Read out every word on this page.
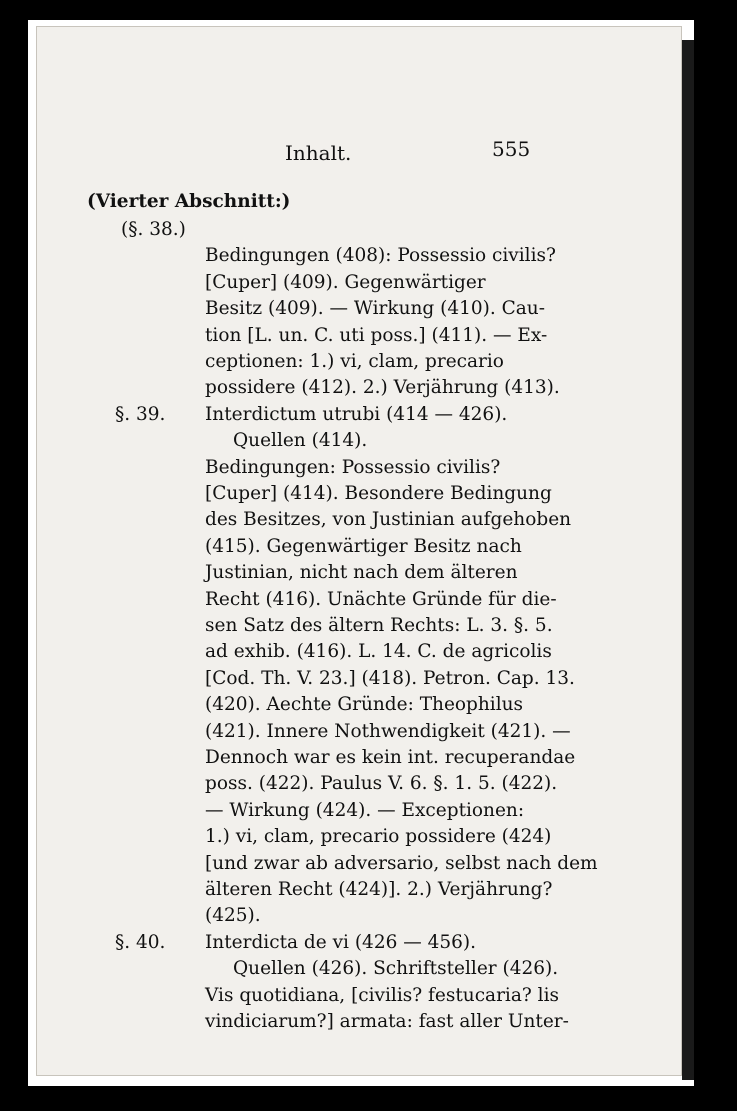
Inhalt.	555
(Vierter Abschnitt:)
(§. 38.)
Bedingungen (408): Possessio civilis?
[Cuper] (409). Gegenwärtiger
Besitz (409). — Wirkung (410). Cau-
tion [L. un. C. uti poss.] (411). — Ex-
ceptionen: 1.) vi, clam, precario
possidere (412). 2.) Verjährung (413).
§. 39. Interdictum utrubi (414 — 426).
Quellen (414).
Bedingungen: Possessio civilis?
[Cuper] (414). Besondere Bedingung
des Besitzes, von Justinian aufgehoben
(415). Gegenwärtiger Besitz nach
Justinian, nicht nach dem älteren
Recht (416). Unächte Gründe für die-
sen Satz des ältern Rechts: L. 3. §. 5.
ad exhib. (416). L. 14. C. de agricolis
[Cod. Th. V. 23.] (418). Petron. Cap. 13.
(420). Aechte Gründe: Theophilus
(421). Innere Nothwendigkeit (421). —
Dennoch war es kein int. recuperandae
poss. (422). Paulus V. 6. §. 1. 5. (422).
— Wirkung (424). — Exceptionen:
1.) vi, clam, precario possidere (424)
[und zwar ab adversario, selbst nach dem
älteren Recht (424)]. 2.) Verjährung?
(425).
§. 40. Interdicta de vi (426 — 456).
Quellen (426). Schriftsteller (426).
Vis quotidiana, [civilis? festucaria? lis
vindiciarum?] armata: fast aller Unter-
